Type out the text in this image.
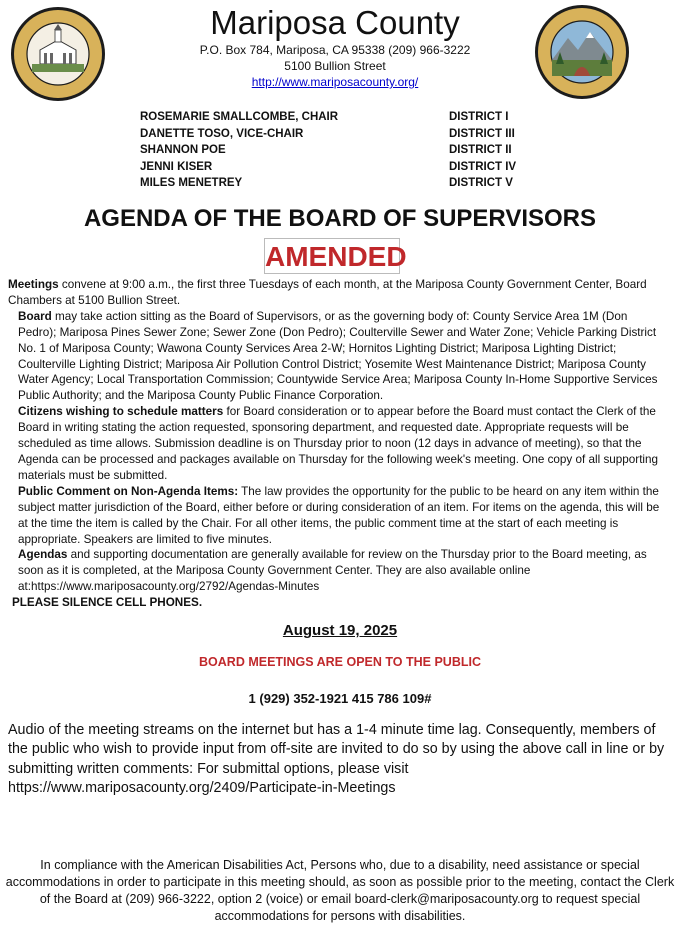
Mariposa County
P.O. Box 784, Mariposa, CA 95338 (209) 966-3222
5100 Bullion Street
http://www.mariposacounty.org/
ROSEMARIE SMALLCOMBE, CHAIR	DISTRICT I
DANETTE TOSO, VICE-CHAIR	DISTRICT III
SHANNON POE	DISTRICT II
JENNI KISER	DISTRICT IV
MILES MENETREY	DISTRICT V
AGENDA OF THE BOARD OF SUPERVISORS
AMENDED

Meetings convene at 9:00 a.m., the first three Tuesdays of each month, at the Mariposa County Government Center, Board Chambers at 5100 Bullion Street.

Board may take action sitting as the Board of Supervisors, or as the governing body of: County Service Area 1M (Don Pedro); Mariposa Pines Sewer Zone; Sewer Zone (Don Pedro); Coulterville Sewer and Water Zone; Vehicle Parking District No. 1 of Mariposa County; Wawona County Services Area 2-W; Hornitos Lighting District; Mariposa Lighting District; Coulterville Lighting District; Mariposa Air Pollution Control District; Yosemite West Maintenance District; Mariposa County Water Agency; Local Transportation Commission; Countywide Service Area; Mariposa County In-Home Supportive Services Public Authority; and the Mariposa County Public Finance Corporation.

Citizens wishing to schedule matters for Board consideration or to appear before the Board must contact the Clerk of the Board in writing stating the action requested, sponsoring department, and requested date. Appropriate requests will be scheduled as time allows. Submission deadline is on Thursday prior to noon (12 days in advance of meeting), so that the Agenda can be processed and packages available on Thursday for the following week's meeting. One copy of all supporting materials must be submitted.

Public Comment on Non-Agenda Items: The law provides the opportunity for the public to be heard on any item within the subject matter jurisdiction of the Board, either before or during consideration of an item. For items on the agenda, this will be at the time the item is called by the Chair. For all other items, the public comment time at the start of each meeting is appropriate. Speakers are limited to five minutes.

Agendas and supporting documentation are generally available for review on the Thursday prior to the Board meeting, as soon as it is completed, at the Mariposa County Government Center. They are also available online at:https://www.mariposacounty.org/2792/Agendas-Minutes

PLEASE SILENCE CELL PHONES.

August 19, 2025
BOARD MEETINGS ARE OPEN TO THE PUBLIC
1 (929) 352-1921 415 786 109#
Audio of the meeting streams on the internet but has a 1-4 minute time lag. Consequently, members of the public who wish to provide input from off-site are invited to do so by using the above call in line or by submitting written comments: For submittal options, please visit https://www.mariposacounty.org/2409/Participate-in-Meetings
In compliance with the American Disabilities Act, Persons who, due to a disability, need assistance or special accommodations in order to participate in this meeting should, as soon as possible prior to the meeting, contact the Clerk of the Board at (209) 966-3222, option 2 (voice) or email board-clerk@mariposacounty.org to request special accommodations for persons with disabilities.
